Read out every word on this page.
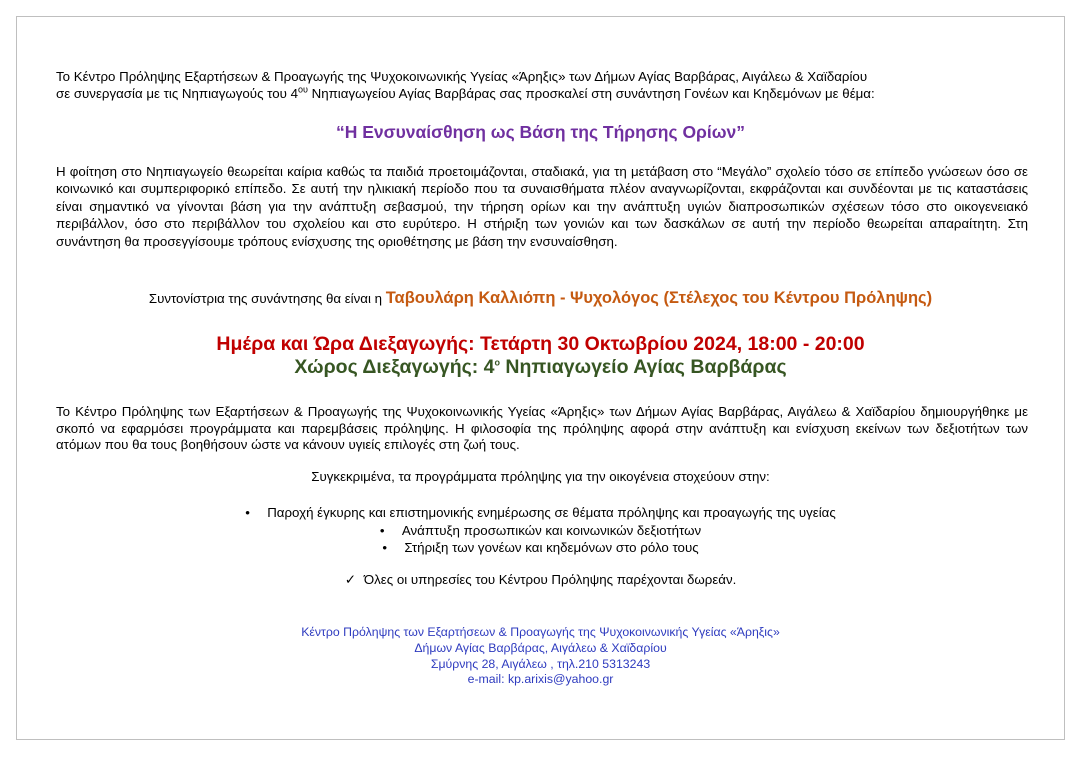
Το Κέντρο Πρόληψης Εξαρτήσεων & Προαγωγής της Ψυχοκοινωνικής Υγείας «Άρηξις» των Δήμων Αγίας Βαρβάρας, Αιγάλεω & Χαϊδαρίου
σε συνεργασία με τις Νηπιαγωγούς του $4^{o\upsilon}$ Νηπιαγωγείου Αγίας Βαρβάρας σας προσκαλεί στη συνάντηση Γονέων και Κηδεμόνων με θέμα:
“Η Ενσυναίσθηση ως Βάση της Τήρησης Ορίων”
Η φοίτηση στο Νηπιαγωγείο θεωρείται καίρια καθώς τα παιδιά προετοιμάζονται, σταδιακά, για τη μετάβαση στο “Μεγάλο” σχολείο τόσο σε επίπεδο γνώσεων όσο σε κοινωνικό και συμπεριφορικό επίπεδο. Σε αυτή την ηλικιακή περίοδο που τα συναισθήματα πλέον αναγνωρίζονται, εκφράζονται και συνδέονται με τις καταστάσεις είναι σημαντικό να γίνονται βάση για την ανάπτυξη σεβασμού, την τήρηση ορίων και την ανάπτυξη υγιών διαπροσωπικών σχέσεων τόσο στο οικογενειακό περιβάλλον, όσο στο περιβάλλον του σχολείου και στο ευρύτερο. Η στήριξη των γονιών και των δασκάλων σε αυτή την περίοδο θεωρείται απαραίτητη. Στη συνάντηση θα προσεγγίσουμε τρόπους ενίσχυσης της οριοθέτησης με βάση την ενσυναίσθηση.
Συντονίστρια της συνάντησης θα είναι η Ταβουλάρη Καλλιόπη - Ψυχολόγος (Στέλεχος του Κέντρου Πρόληψης)
Ημέρα και Ώρα Διεξαγωγής: Τετάρτη 30 Οκτωβρίου 2024, 18:00 - 20:00
Χώρος Διεξαγωγής: $4^o$ Νηπιαγωγείο Αγίας Βαρβάρας
Το Κέντρο Πρόληψης των Εξαρτήσεων & Προαγωγής της Ψυχοκοινωνικής Υγείας «Άρηξις» των Δήμων Αγίας Βαρβάρας, Αιγάλεω & Χαϊδαρίου δημιουργήθηκε με σκοπό να εφαρμόσει προγράμματα και παρεμβάσεις πρόληψης. Η φιλοσοφία της πρόληψης αφορά στην ανάπτυξη και ενίσχυση εκείνων των δεξιοτήτων των ατόμων που θα τους βοηθήσουν ώστε να κάνουν υγιείς επιλογές στη ζωή τους.
Συγκεκριμένα, τα προγράμματα πρόληψης για την οικογένεια στοχεύουν στην:
• Παροχή έγκυρης και επιστημονικής ενημέρωσης σε θέματα πρόληψης και προαγωγής της υγείας
• Ανάπτυξη προσωπικών και κοινωνικών δεξιοτήτων
• Στήριξη των γονέων και κηδεμόνων στο ρόλο τους
✓ Όλες οι υπηρεσίες του Κέντρου Πρόληψης παρέχονται δωρεάν.
Κέντρο Πρόληψης των Εξαρτήσεων & Προαγωγής της Ψυχοκοινωνικής Υγείας «Άρηξις»
Δήμων Αγίας Βαρβάρας, Αιγάλεω & Χαϊδαρίου
Σμύρνης 28, Αιγάλεω , τηλ.210 5313243
e-mail: kp.arixis@yahoo.gr
